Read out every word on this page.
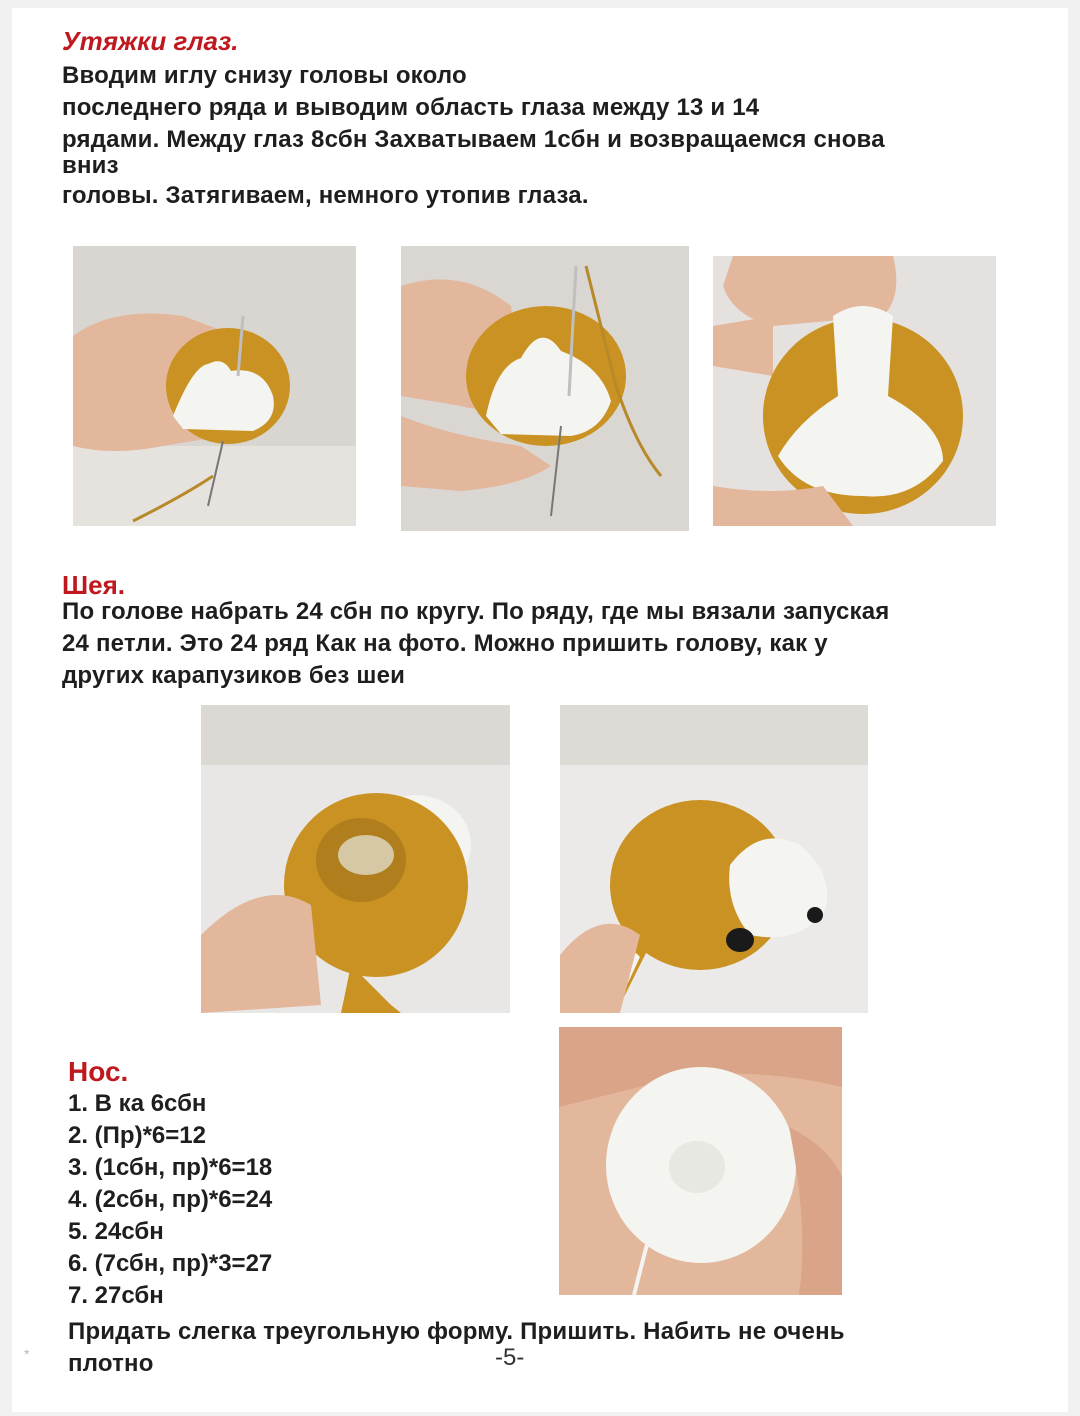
Утяжки глаз.
Вводим иглу снизу головы около
последнего ряда и выводим область глаза между 13 и 14
рядами. Между глаз 8сбн Захватываем 1сбн и возвращаемся снова
вниз
головы. Затягиваем, немного утопив глаза.
Шея.
По голове набрать 24 сбн по кругу. По ряду, где мы вязали запуская
24 петли. Это 24 ряд Как на фото. Можно пришить голову, как у
других карапузиков без шеи
Нос.
1. В ка 6сбн
2. (Пр)*6=12
3. (1сбн, пр)*6=18
4. (2сбн, пр)*6=24
5. 24сбн
6. (7сбн, пр)*3=27
7. 27сбн
Придать слегка треугольную форму. Пришить. Набить не очень
плотно
*	-5-
